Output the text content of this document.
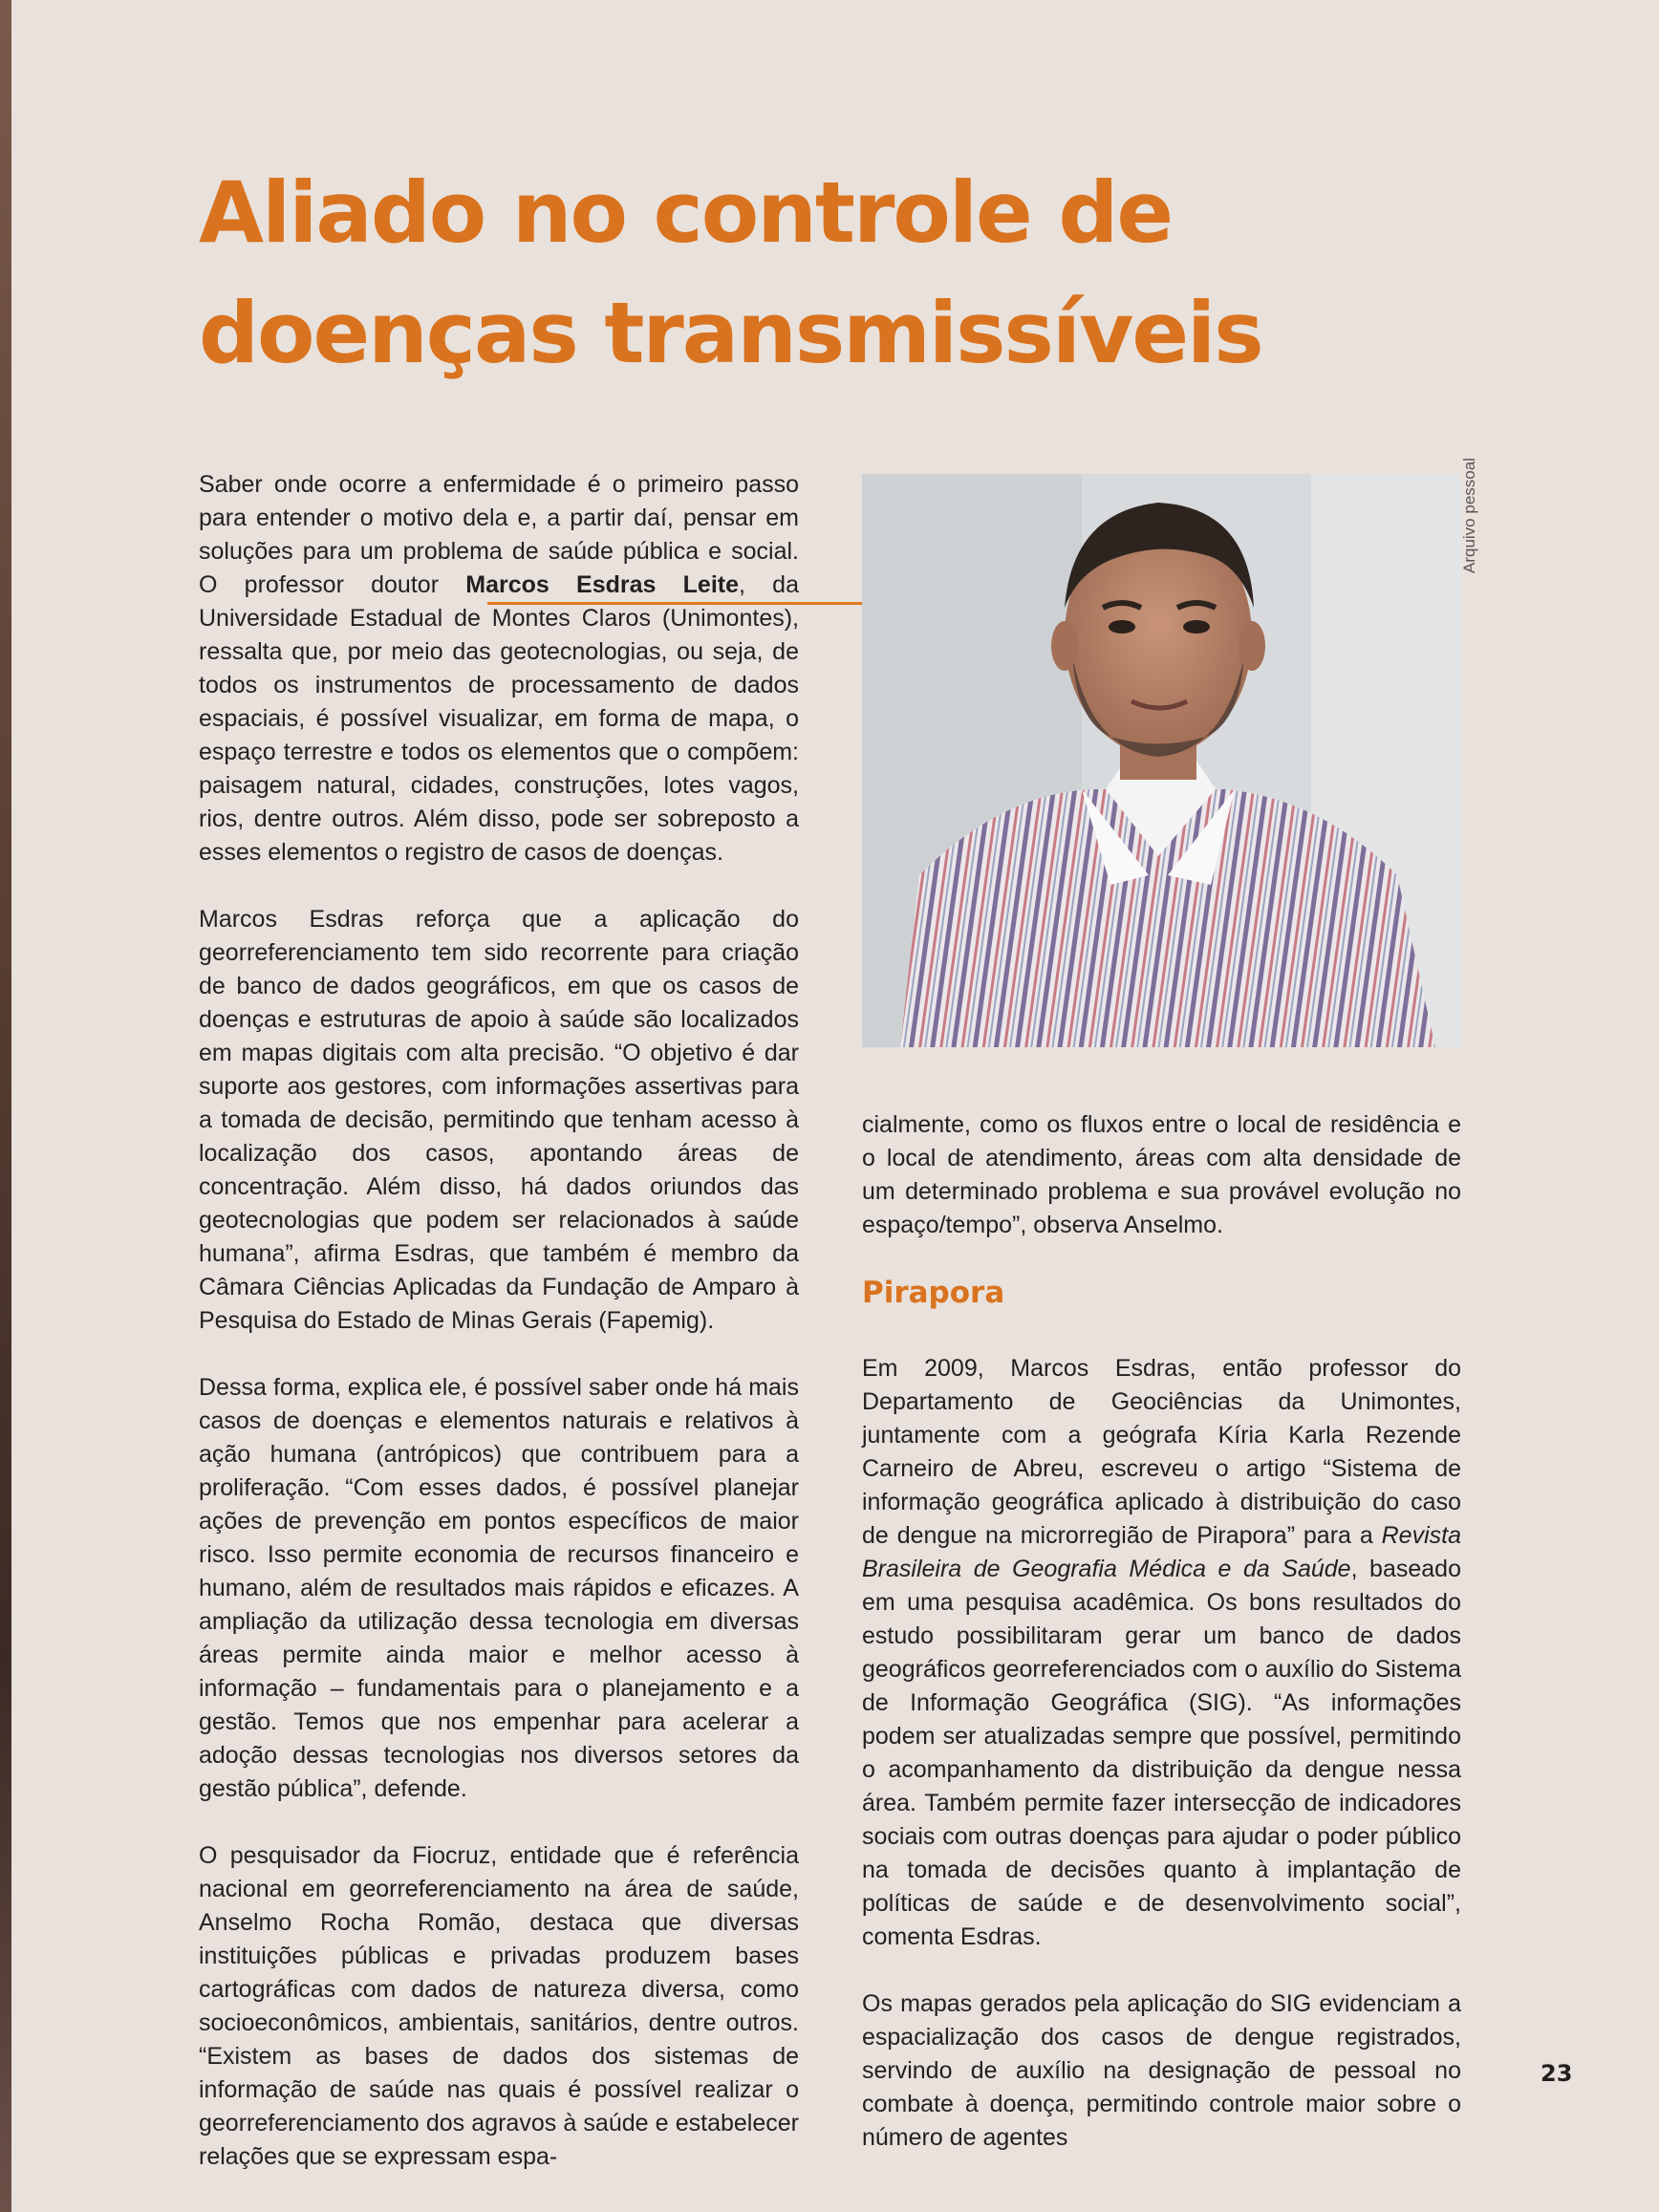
Aliado no controle de doenças transmissíveis

Saber onde ocorre a enfermidade é o primeiro passo para entender o motivo dela e, a partir daí, pensar em soluções para um problema de saúde pública e social. O professor doutor Marcos Esdras Leite, da Universidade Estadual de Montes Claros (Unimontes), ressalta que, por meio das geotecnologias, ou seja, de todos os instrumentos de processamento de dados espaciais, é possível visualizar, em forma de mapa, o espaço terrestre e todos os elementos que o compõem: paisagem natural, cidades, construções, lotes vagos, rios, dentre outros. Além disso, pode ser sobreposto a esses elementos o registro de casos de doenças.

Marcos Esdras reforça que a aplicação do georreferenciamento tem sido recorrente para criação de banco de dados geográficos, em que os casos de doenças e estruturas de apoio à saúde são localizados em mapas digitais com alta precisão. “O objetivo é dar suporte aos gestores, com informações assertivas para a tomada de decisão, permitindo que tenham acesso à localização dos casos, apontando áreas de concentração. Além disso, há dados oriundos das geotecnologias que podem ser relacionados à saúde humana”, afirma Esdras, que também é membro da Câmara Ciências Aplicadas da Fundação de Amparo à Pesquisa do Estado de Minas Gerais (Fapemig).

Dessa forma, explica ele, é possível saber onde há mais casos de doenças e elementos naturais e relativos à ação humana (antrópicos) que contribuem para a proliferação. “Com esses dados, é possível planejar ações de prevenção em pontos específicos de maior risco. Isso permite economia de recursos financeiro e humano, além de resultados mais rápidos e eficazes. A ampliação da utilização dessa tecnologia em diversas áreas permite ainda maior e melhor acesso à informação – fundamentais para o planejamento e a gestão. Temos que nos empenhar para acelerar a adoção dessas tecnologias nos diversos setores da gestão pública”, defende.

O pesquisador da Fiocruz, entidade que é referência nacional em georreferenciamento na área de saúde, Anselmo Rocha Romão, destaca que diversas instituições públicas e privadas produzem bases cartográficas com dados de natureza diversa, como socioeconômicos, ambientais, sanitários, dentre outros. “Existem as bases de dados dos sistemas de informação de saúde nas quais é possível realizar o georreferenciamento dos agravos à saúde e estabelecer relações que se expressam espa-

Arquivo pessoal

cialmente, como os fluxos entre o local de residência e o local de atendimento, áreas com alta densidade de um determinado problema e sua provável evolução no espaço/tempo”, observa Anselmo.

Pirapora

Em 2009, Marcos Esdras, então professor do Departamento de Geociências da Unimontes, juntamente com a geógrafa Kíria Karla Rezende Carneiro de Abreu, escreveu o artigo “Sistema de informação geográfica aplicado à distribuição do caso de dengue na microrregião de Pirapora” para a Revista Brasileira de Geografia Médica e da Saúde, baseado em uma pesquisa acadêmica. Os bons resultados do estudo possibilitaram gerar um banco de dados geográficos georreferenciados com o auxílio do Sistema de Informação Geográfica (SIG). “As informações podem ser atualizadas sempre que possível, permitindo o acompanhamento da distribuição da dengue nessa área. Também permite fazer intersecção de indicadores sociais com outras doenças para ajudar o poder público na tomada de decisões quanto à implantação de políticas de saúde e de desenvolvimento social”, comenta Esdras.

Os mapas gerados pela aplicação do SIG evidenciam a espacialização dos casos de dengue registrados, servindo de auxílio na designação de pessoal no combate à doença, permitindo controle maior sobre o número de agentes

23
